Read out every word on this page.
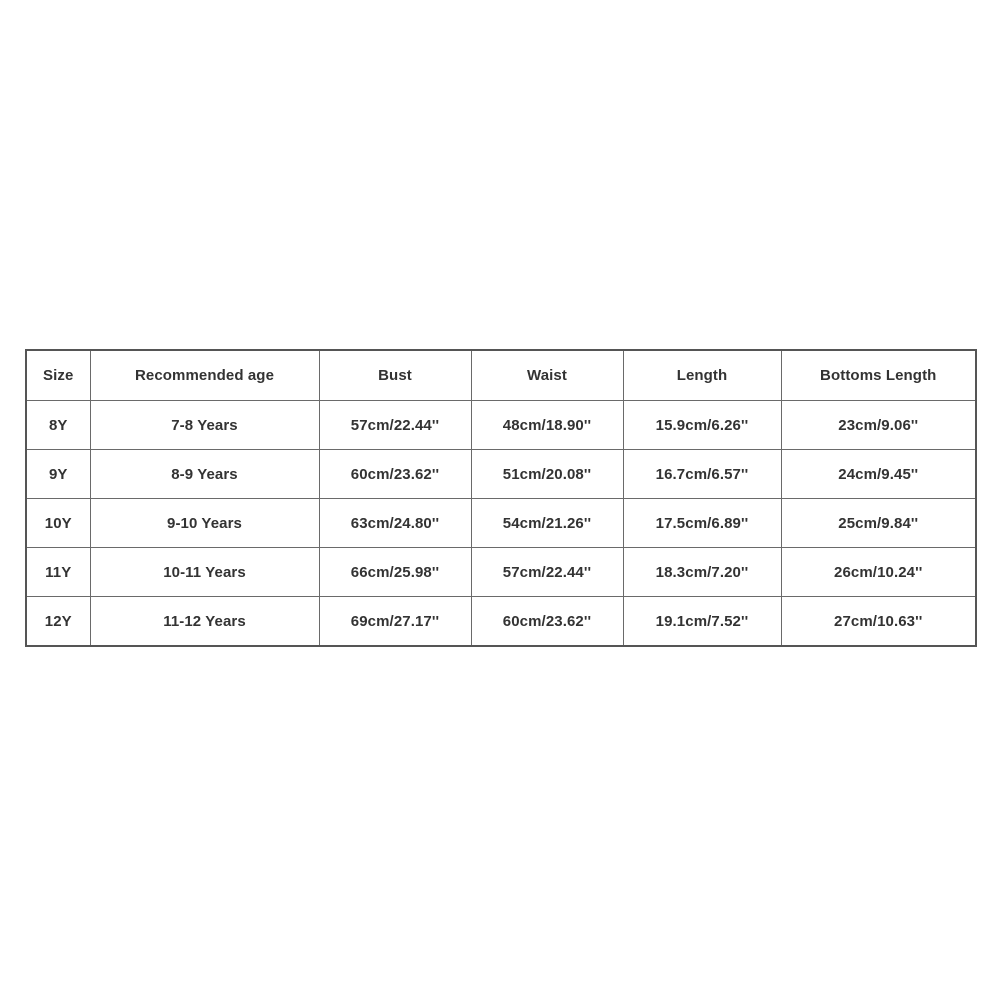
Size	Recommended age	Bust	Waist	Length	Bottoms Length
8Y	7-8 Years	57cm/22.44''	48cm/18.90''	15.9cm/6.26''	23cm/9.06''
9Y	8-9 Years	60cm/23.62''	51cm/20.08''	16.7cm/6.57''	24cm/9.45''
10Y	9-10 Years	63cm/24.80''	54cm/21.26''	17.5cm/6.89''	25cm/9.84''
11Y	10-11 Years	66cm/25.98''	57cm/22.44''	18.3cm/7.20''	26cm/10.24''
12Y	11-12 Years	69cm/27.17''	60cm/23.62''	19.1cm/7.52''	27cm/10.63''
